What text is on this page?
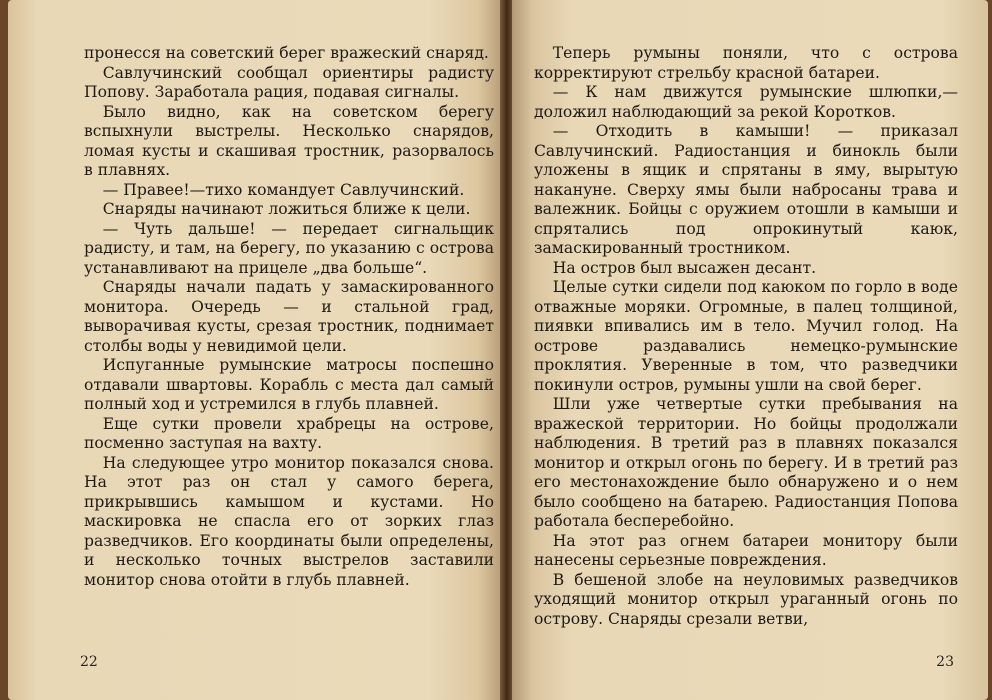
пронесся на советский берег вражеский снаряд.

Савлучинский сообщал ориентиры радисту Попову. Заработала рация, подавая сигналы.

Было видно, как на советском берегу вспыхнули выстрелы. Несколько снарядов, ломая кусты и скашивая тростник, разорвалось в плавнях.

— Правее!—тихо командует Савлучинский.

Снаряды начинают ложиться ближе к цели.

— Чуть дальше! — передает сигнальщик радисту, и там, на берегу, по указанию с острова устанавливают на прицеле „два больше“.

Снаряды начали падать у замаскированного монитора. Очередь — и стальной град, выворачивая кусты, срезая тростник, поднимает столбы воды у невидимой цели.

Испуганные румынские матросы поспешно отдавали швартовы. Корабль с места дал самый полный ход и устремился в глубь плавней.

Еще сутки провели храбрецы на острове, посменно заступая на вахту.

На следующее утро монитор показался снова. На этот раз он стал у самого берега, прикрывшись камышом и кустами. Но маскировка не спасла его от зорких глаз разведчиков. Его координаты были определены, и несколько точных выстрелов заставили монитор снова отойти в глубь плавней.

22

Теперь румыны поняли, что с острова корректируют стрельбу красной батареи.

— К нам движутся румынские шлюпки,— доложил наблюдающий за рекой Коротков.

— Отходить в камыши! — приказал Савлучинский. Радиостанция и бинокль были уложены в ящик и спрятаны в яму, вырытую накануне. Сверху ямы были набросаны трава и валежник. Бойцы с оружием отошли в камыши и спрятались под опрокинутый каюк, замаскированный тростником.

На остров был высажен десант.

Целые сутки сидели под каюком по горло в воде отважные моряки. Огромные, в палец толщиной, пиявки впивались им в тело. Мучил голод. На острове раздавались немецко-румынские проклятия. Уверенные в том, что разведчики покинули остров, румыны ушли на свой берег.

Шли уже четвертые сутки пребывания на вражеской территории. Но бойцы продолжали наблюдения. В третий раз в плавнях показался монитор и открыл огонь по берегу. И в третий раз его местонахождение было обнаружено и о нем было сообщено на батарею. Радиостанция Попова работала бесперебойно.

На этот раз огнем батареи монитору были нанесены серьезные повреждения.

В бешеной злобе на неуловимых разведчиков уходящий монитор открыл ураганный огонь по острову. Снаряды срезали ветви,

23
